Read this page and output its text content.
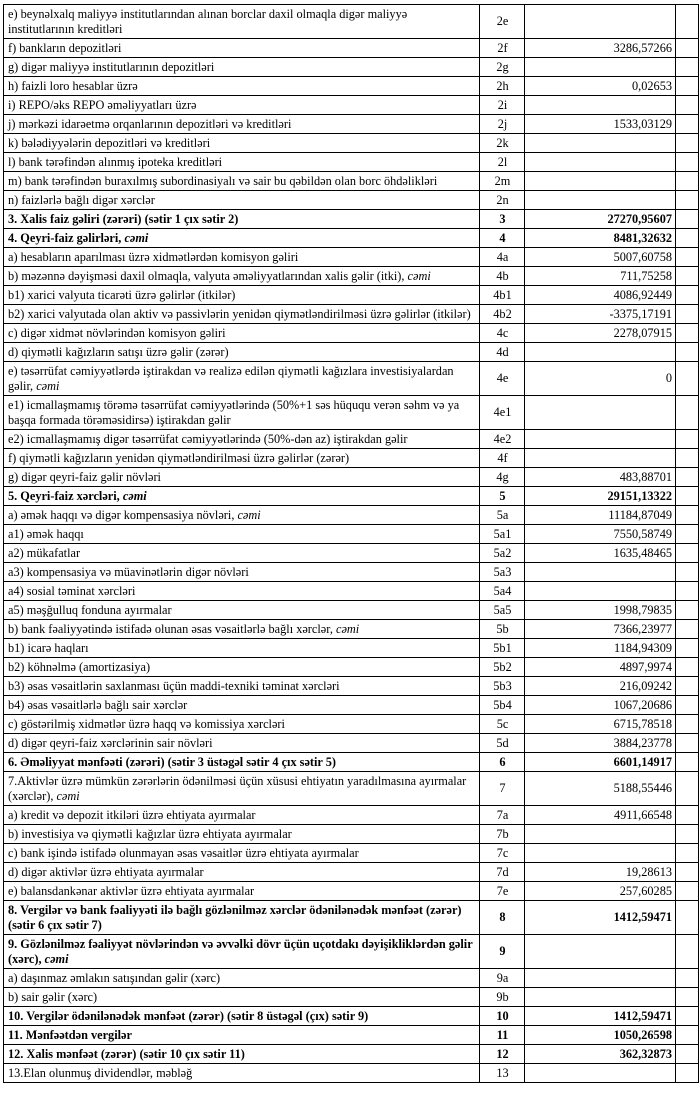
e) beynəlxalq maliyyə institutlarından alınan borclar daxil olmaqla digər maliyyə institutlarının kreditləri	2e		
f) bankların depozitləri	2f	3286,57266	
g) digər maliyyə institutlarının depozitləri	2g		
h) faizli loro hesablar üzrə	2h	0,02653	
i) REPO/əks REPO əməliyyatları üzrə	2i		
j) mərkəzi idarəetmə orqanlarının depozitləri və kreditləri	2j	1533,03129	
k) bələdiyyələrin depozitləri və kreditləri	2k		
l) bank tərəfindən alınmış ipoteka kreditləri	2l		
m) bank tərəfindən buraxılmış subordinasiyalı və sair bu qəbildən olan borc öhdəlikləri	2m		
n) faizlərlə bağlı digər xərclər	2n		
3. Xalis faiz gəliri (zərəri) (sətir 1 çıx sətir 2)	3	27270,95607	
4. Qeyri-faiz gəlirləri, cəmi	4	8481,32632	
a) hesabların aparılması üzrə xidmətlərdən komisyon gəliri	4a	5007,60758	
b) məzənnə dəyişməsi daxil olmaqla, valyuta əməliyyatlarından xalis gəlir (itki), cəmi	4b	711,75258	
b1) xarici valyuta ticarəti üzrə gəlirlər (itkilər)	4b1	4086,92449	
b2) xarici valyutada olan aktiv və passivlərin yenidən qiymətləndirilməsi üzrə gəlirlər (itkilər)	4b2	-3375,17191	
c) digər xidmət növlərindən komisyon gəliri	4c	2278,07915	
d) qiymətli kağızların satışı üzrə gəlir (zərər)	4d		
e) təsərrüfat cəmiyyətlərdə iştirakdan və realizə edilən qiymətli kağızlara investisiyalardan gəlir, cəmi	4e	0	
e1) icmallaşmamış törəmə təsərrüfat cəmiyyətlərində (50%+1 səs hüququ verən səhm və ya başqa formada törəməsidirsə) iştirakdan gəlir	4e1		
e2) icmallaşmamış digər təsərrüfat cəmiyyətlərində (50%-dən az) iştirakdan gəlir	4e2		
f) qiymətli kağızların yenidən qiymətləndirilməsi üzrə gəlirlər (zərər)	4f		
g) digər qeyri-faiz gəlir növləri	4g	483,88701	
5. Qeyri-faiz xərcləri, cəmi	5	29151,13322	
a) əmək haqqı və digər kompensasiya növləri, cəmi	5a	11184,87049	
a1) əmək haqqı	5a1	7550,58749	
a2) mükafatlar	5a2	1635,48465	
a3) kompensasiya və müavinətlərin digər növləri	5a3		
a4) sosial təminat xərcləri	5a4		
a5) məşğulluq fonduna ayırmalar	5a5	1998,79835	
b) bank fəaliyyətində istifadə olunan əsas vəsaitlərlə bağlı xərclər, cəmi	5b	7366,23977	
b1) icarə haqları	5b1	1184,94309	
b2) köhnəlmə (amortizasiya)	5b2	4897,9974	
b3) əsas vəsaitlərin saxlanması üçün maddi-texniki təminat xərcləri	5b3	216,09242	
b4) əsas vəsaitlərlə bağlı sair xərclər	5b4	1067,20686	
c) göstərilmiş xidmətlər üzrə haqq və komissiya xərcləri	5c	6715,78518	
d) digər qeyri-faiz xərclərinin sair növləri	5d	3884,23778	
6. Əməliyyat mənfəəti (zərəri) (sətir 3 üstəgəl sətir 4 çıx sətir 5)	6	6601,14917	
7.Aktivlər üzrə mümkün zərərlərin ödənilməsi üçün xüsusi ehtiyatın yaradılmasına ayırmalar (xərclər), cəmi	7	5188,55446	
a) kredit və depozit itkiləri üzrə ehtiyata ayırmalar	7a	4911,66548	
b) investisiya və qiymətli kağızlar üzrə ehtiyata ayırmalar	7b		
c) bank işində istifadə olunmayan əsas vəsaitlər üzrə ehtiyata ayırmalar	7c		
d) digər aktivlər üzrə ehtiyata ayırmalar	7d	19,28613	
e) balansdankənar aktivlər üzrə ehtiyata ayırmalar	7e	257,60285	
8. Vergilər və bank fəaliyyəti ilə bağlı gözlənilməz xərclər ödənilənədək mənfəət (zərər) (sətir 6 çıx sətir 7)	8	1412,59471	
9. Gözlənilməz fəaliyyət növlərindən və əvvəlki dövr üçün uçotdakı dəyişikliklərdən gəlir (xərc), cəmi	9		
a) daşınmaz əmlakın satışından gəlir (xərc)	9a		
b) sair gəlir (xərc)	9b		
10. Vergilər ödənilənədək mənfəət (zərər) (sətir 8 üstəgəl (çıx) sətir 9)	10	1412,59471	
11. Mənfəətdən vergilər	11	1050,26598	
12. Xalis mənfəət (zərər) (sətir 10 çıx sətir 11)	12	362,32873	
13.Elan olunmuş dividendlər, məbləğ	13		
